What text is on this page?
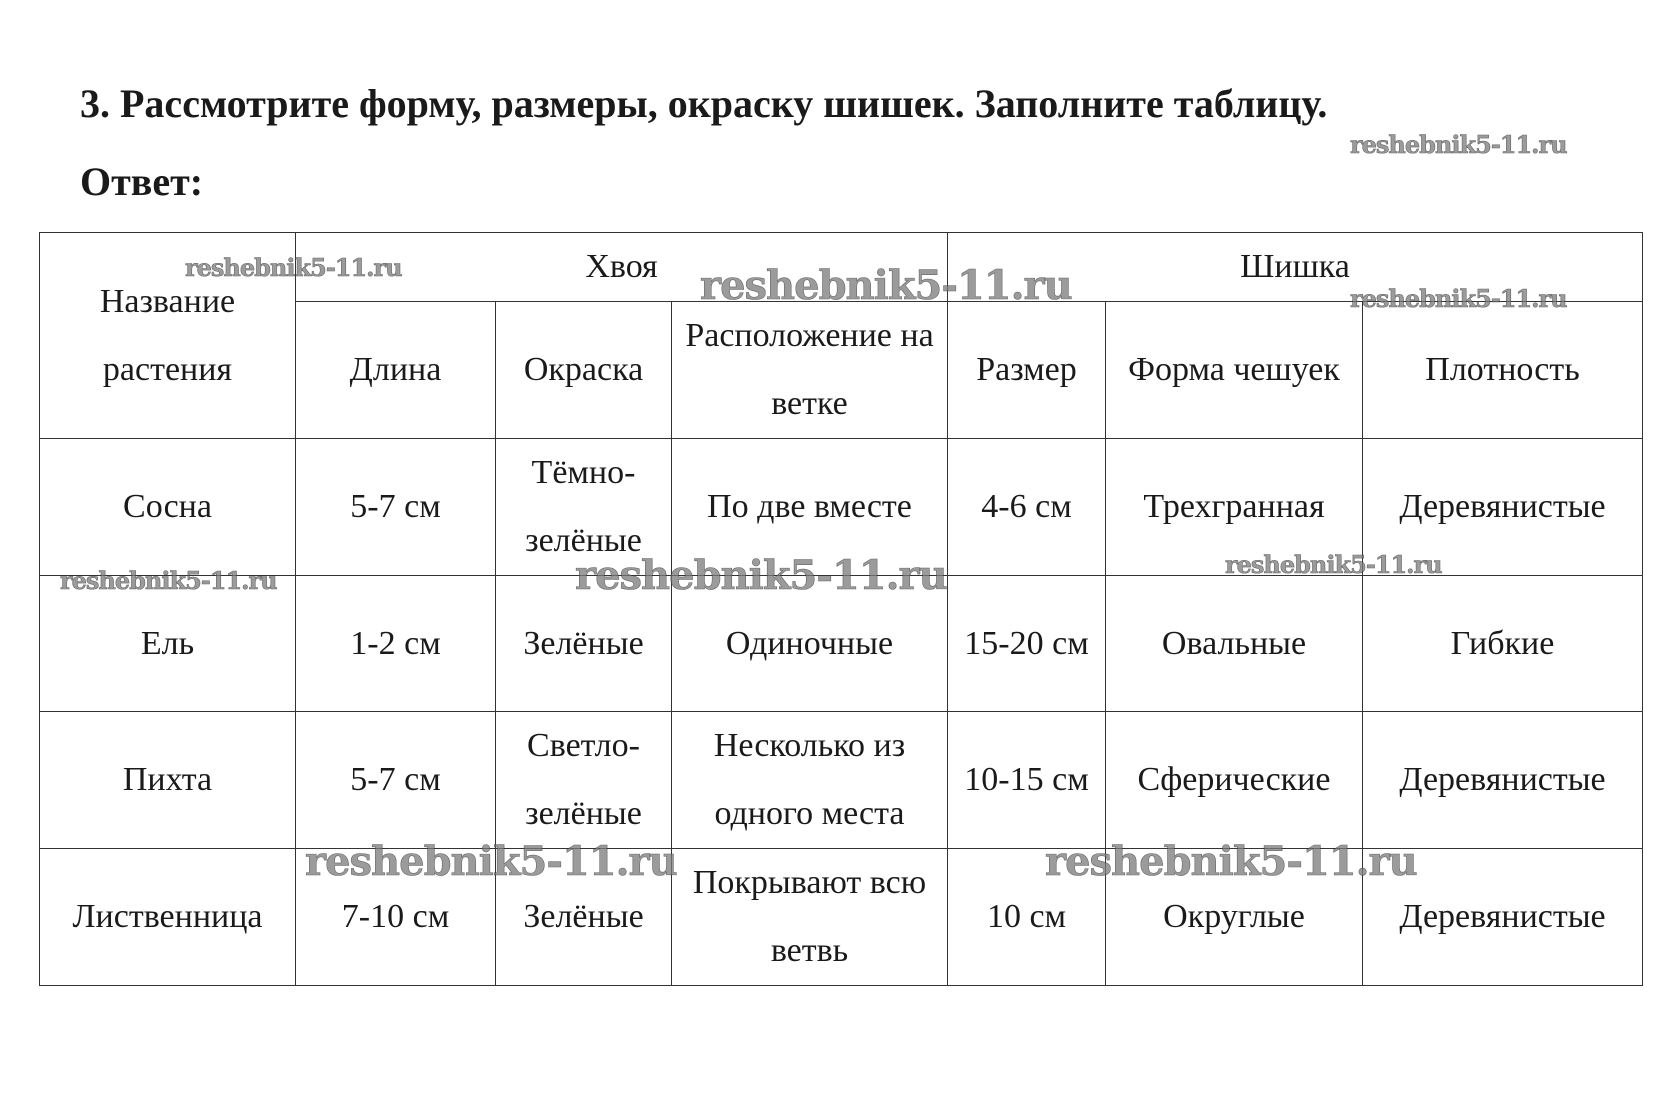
3. Рассмотрите форму, размеры, окраску шишек. Заполните таблицу.
Ответ:
Название растения	Хвоя			Шишка		
	Длина	Окраска	Расположение на ветке	Размер	Форма чешуек	Плотность
Сосна	5-7 см	Тёмно-зелёные	По две вместе	4-6 см	Трехгранная	Деревянистые
Ель	1-2 см	Зелёные	Одиночные	15-20 см	Овальные	Гибкие
Пихта	5-7 см	Светло-зелёные	Несколько из одного места	10-15 см	Сферические	Деревянистые
Лиственница	7-10 см	Зелёные	Покрывают всю ветвь	10 см	Округлые	Деревянистые
reshebnik5-11.ru
reshebnik5-11.ru	reshebnik5-11.ru	reshebnik5-11.ru
reshebnik5-11.ru	reshebnik5-11.ru	reshebnik5-11.ru
reshebnik5-11.ru	reshebnik5-11.ru
